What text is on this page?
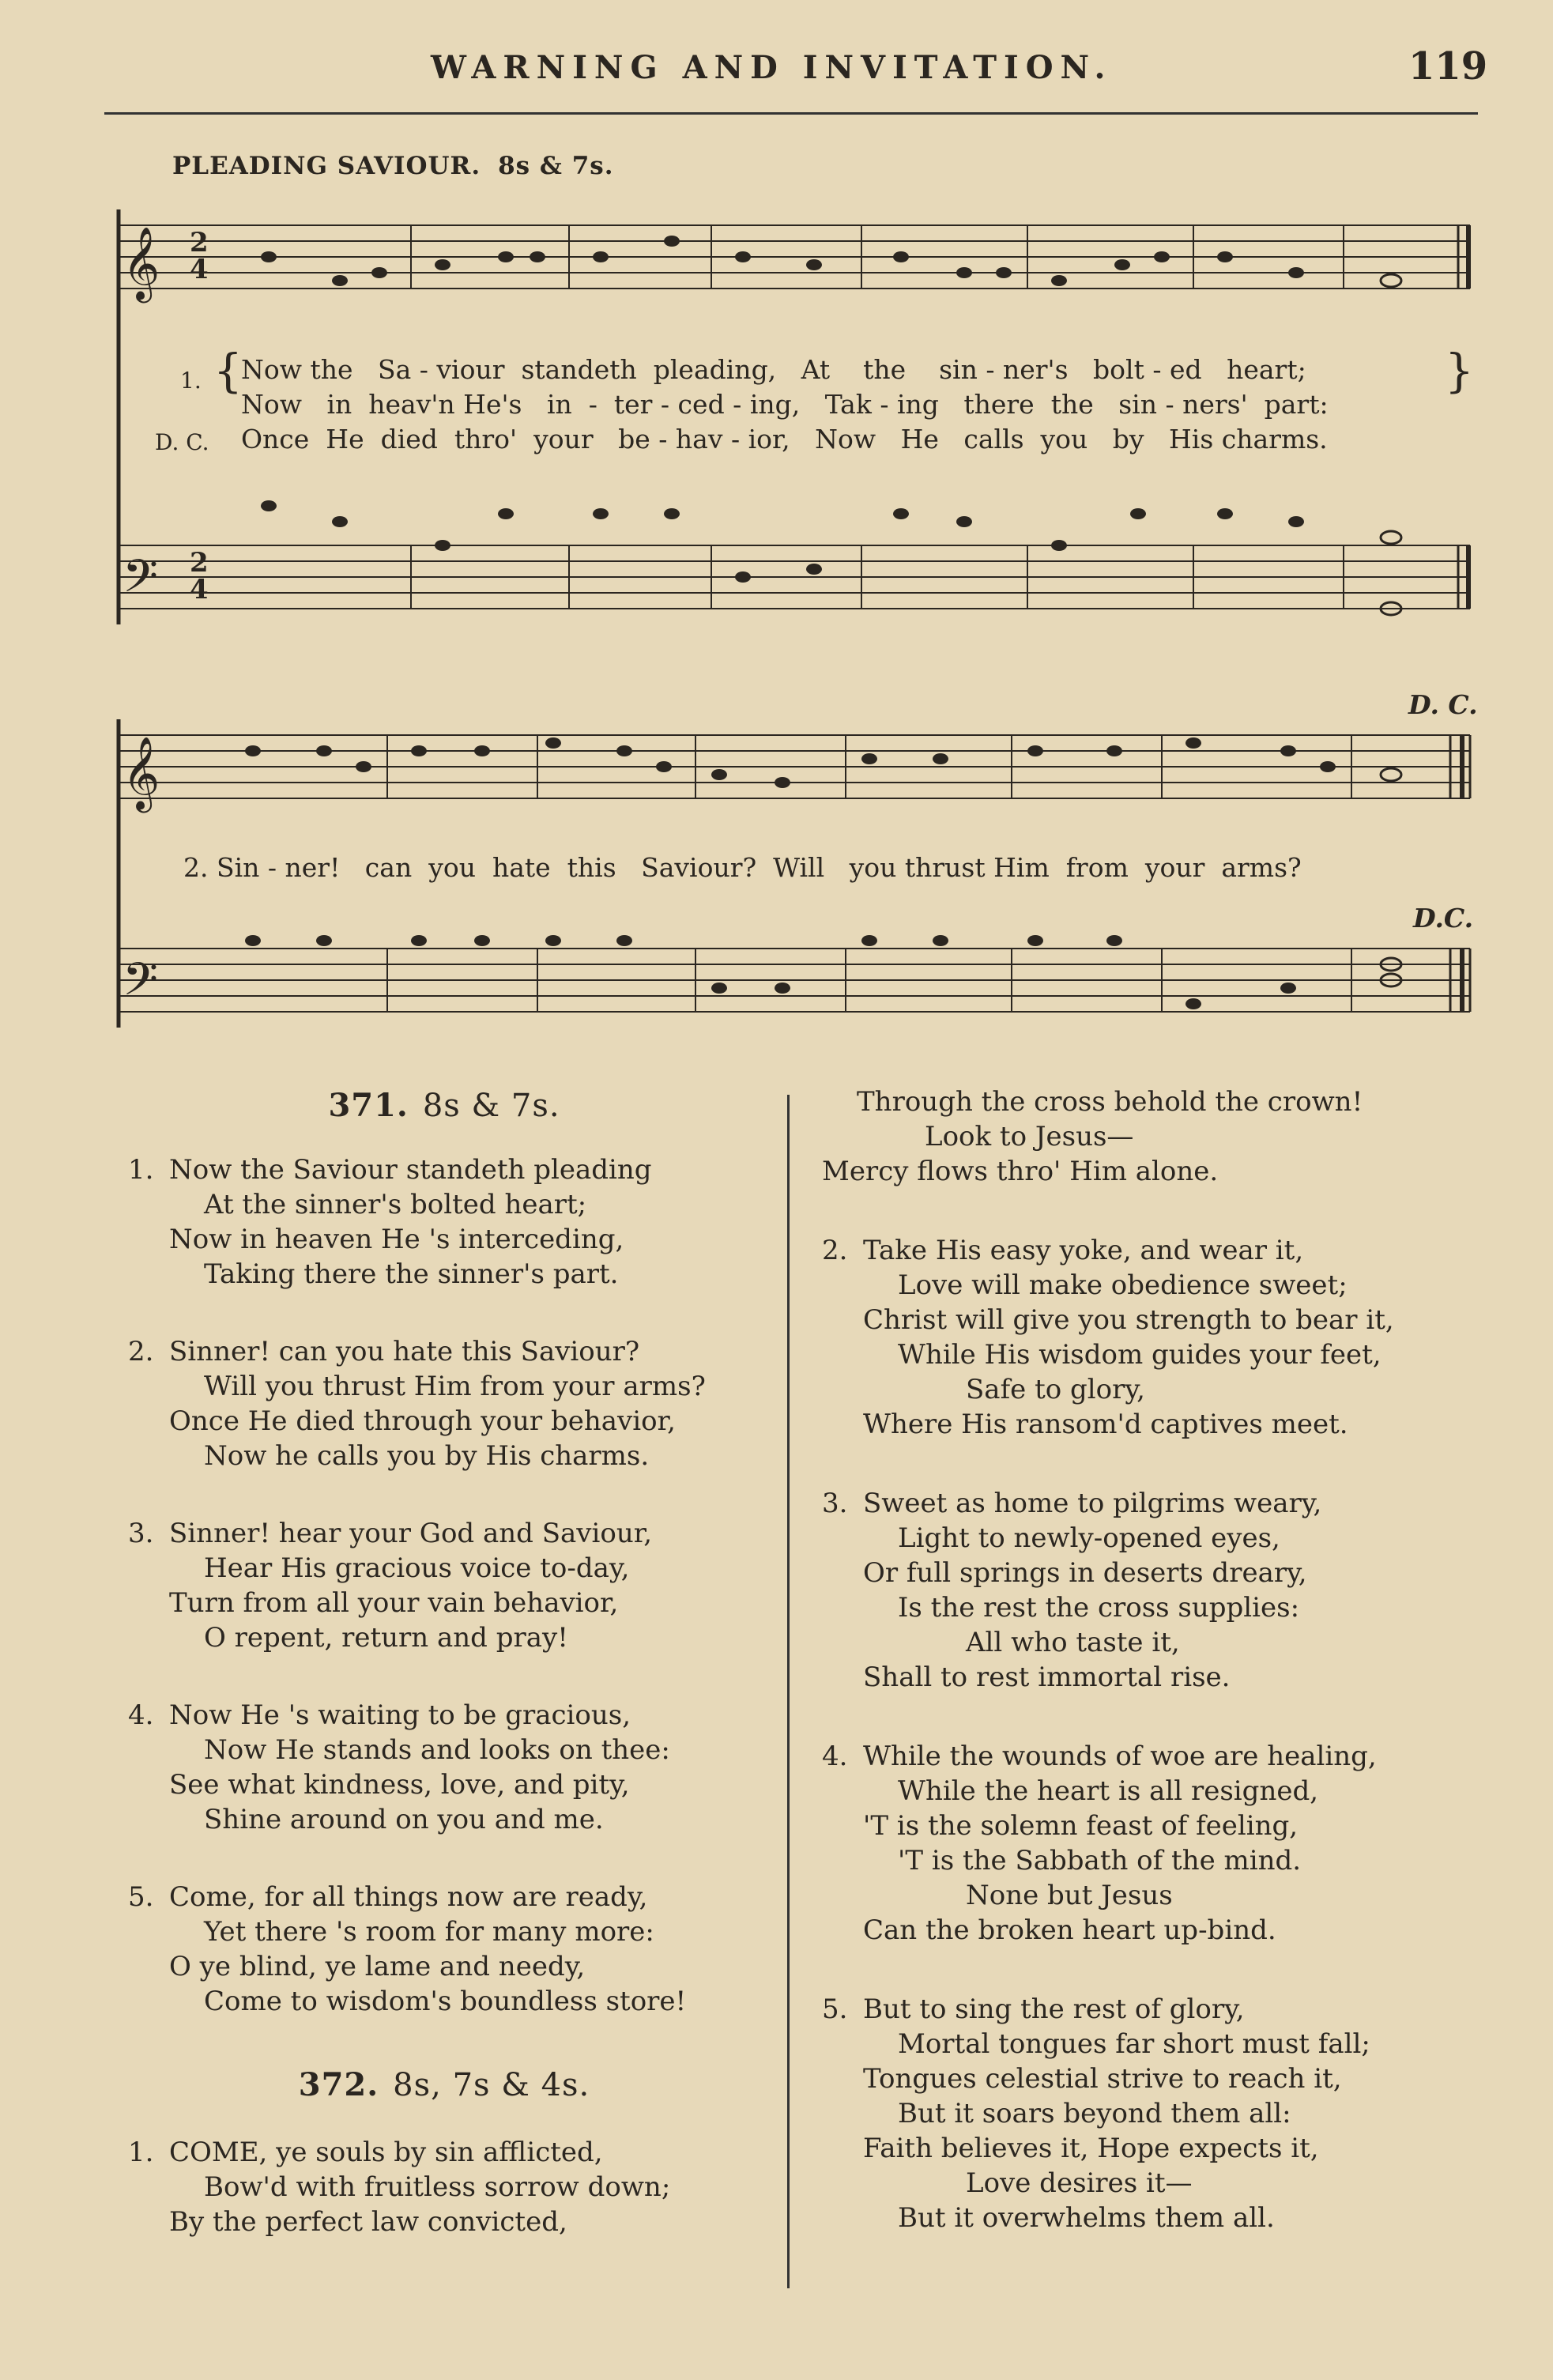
WARNING AND INVITATION.	119
PLEADING SAVIOUR. 8s & 7s.
𝄞
𝄢
2
4
2
4
𝄞
𝄢
1. {
Now the   Sa - viour  standeth  pleading,   At    the    sin - ner's   bolt - ed   heart;
Now   in  heav'n He's   in  -  ter - ced - ing,   Tak - ing   there  the   sin - ners'  part:
}
D. C. Once  He  died  thro'  your   be - hav - ior,   Now   He   calls  you   by   His charms.
D. C.
2. Sin - ner!   can  you  hate  this   Saviour?  Will   you thrust Him  from  your  arms?
D.C.
371. 8s & 7s.
1. Now the Saviour standeth pleading
At the sinner's bolted heart;
Now in heaven He 's interceding,
Taking there the sinner's part.
2. Sinner! can you hate this Saviour?
Will you thrust Him from your arms?
Once He died through your behavior,
Now he calls you by His charms.
3. Sinner! hear your God and Saviour,
Hear His gracious voice to-day,
Turn from all your vain behavior,
O repent, return and pray!
4. Now He 's waiting to be gracious,
Now He stands and looks on thee:
See what kindness, love, and pity,
Shine around on you and me.
5. Come, for all things now are ready,
Yet there 's room for many more:
O ye blind, ye lame and needy,
Come to wisdom's boundless store!
372. 8s, 7s & 4s.
1. COME, ye souls by sin afflicted,
Bow'd with fruitless sorrow down;
By the perfect law convicted,
Through the cross behold the crown!
Look to Jesus—
Mercy flows thro' Him alone.
2. Take His easy yoke, and wear it,
Love will make obedience sweet;
Christ will give you strength to bear it,
While His wisdom guides your feet,
Safe to glory,
Where His ransom'd captives meet.
3. Sweet as home to pilgrims weary,
Light to newly-opened eyes,
Or full springs in deserts dreary,
Is the rest the cross supplies:
All who taste it,
Shall to rest immortal rise.
4. While the wounds of woe are healing,
While the heart is all resigned,
'T is the solemn feast of feeling,
'T is the Sabbath of the mind.
None but Jesus
Can the broken heart up-bind.
5. But to sing the rest of glory,
Mortal tongues far short must fall;
Tongues celestial strive to reach it,
But it soars beyond them all:
Faith believes it, Hope expects it,
Love desires it—
But it overwhelms them all.
